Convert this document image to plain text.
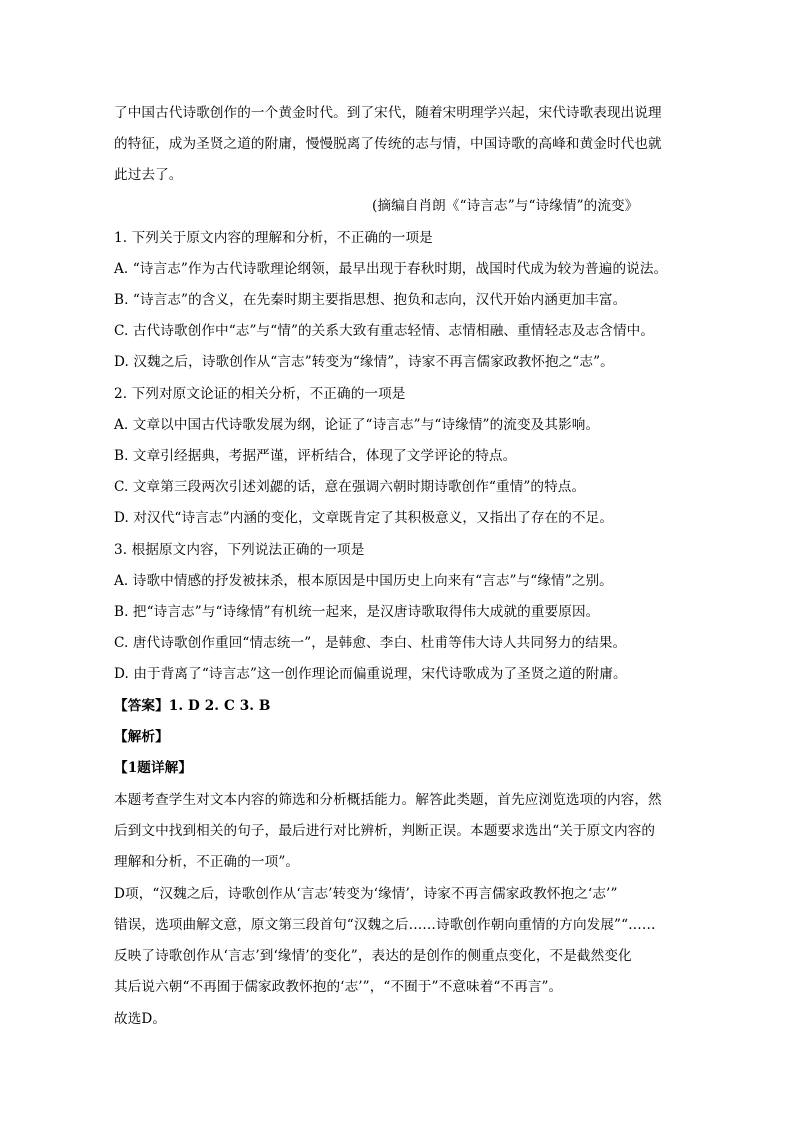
了中国古代诗歌创作的一个黄金时代。到了宋代，随着宋明理学兴起，宋代诗歌表现出说理
的特征，成为圣贤之道的附庸，慢慢脱离了传统的志与情，中国诗歌的高峰和黄金时代也就
此过去了。
(摘编自肖朗《“诗言志”与“诗缘情”的流变》
1. 下列关于原文内容的理解和分析，不正确的一项是
A. “诗言志”作为古代诗歌理论纲领，最早出现于春秋时期，战国时代成为较为普遍的说法。
B. “诗言志”的含义，在先秦时期主要指思想、抱负和志向，汉代开始内涵更加丰富。
C. 古代诗歌创作中“志”与“情”的关系大致有重志轻情、志情相融、重情轻志及志含情中。
D. 汉魏之后，诗歌创作从“言志”转变为“缘情”，诗家不再言儒家政教怀抱之“志”。
2. 下列对原文论证的相关分析，不正确的一项是
A. 文章以中国古代诗歌发展为纲，论证了“诗言志”与“诗缘情”的流变及其影响。
B. 文章引经据典，考据严谨，评析结合，体现了文学评论的特点。
C. 文章第三段两次引述刘勰的话，意在强调六朝时期诗歌创作“重情”的特点。
D. 对汉代“诗言志”内涵的变化，文章既肯定了其积极意义，又指出了存在的不足。
3. 根据原文内容，下列说法正确的一项是
A. 诗歌中情感的抒发被抹杀，根本原因是中国历史上向来有“言志”与“缘情”之别。
B. 把“诗言志”与“诗缘情”有机统一起来，是汉唐诗歌取得伟大成就的重要原因。
C. 唐代诗歌创作重回“情志统一”，是韩愈、李白、杜甫等伟大诗人共同努力的结果。
D. 由于背离了“诗言志”这一创作理论而偏重说理，宋代诗歌成为了圣贤之道的附庸。
【答案】1. D 2. C 3. B
【解析】
【1题详解】
本题考查学生对文本内容的筛选和分析概括能力。解答此类题，首先应浏览选项的内容，然
后到文中找到相关的句子，最后进行对比辨析，判断正误。本题要求选出“关于原文内容的
理解和分析，不正确的一项”。
D项，“汉魏之后，诗歌创作从‘言志’转变为‘缘情’，诗家不再言儒家政教怀抱之‘志’”
错误，选项曲解文意，原文第三段首句“汉魏之后……诗歌创作朝向重情的方向发展”“……
反映了诗歌创作从‘言志’到‘缘情’的变化”，表达的是创作的侧重点变化，不是截然变化
其后说六朝“不再囿于儒家政教怀抱的‘志’”，“不囿于”不意味着“不再言”。
故选D。
